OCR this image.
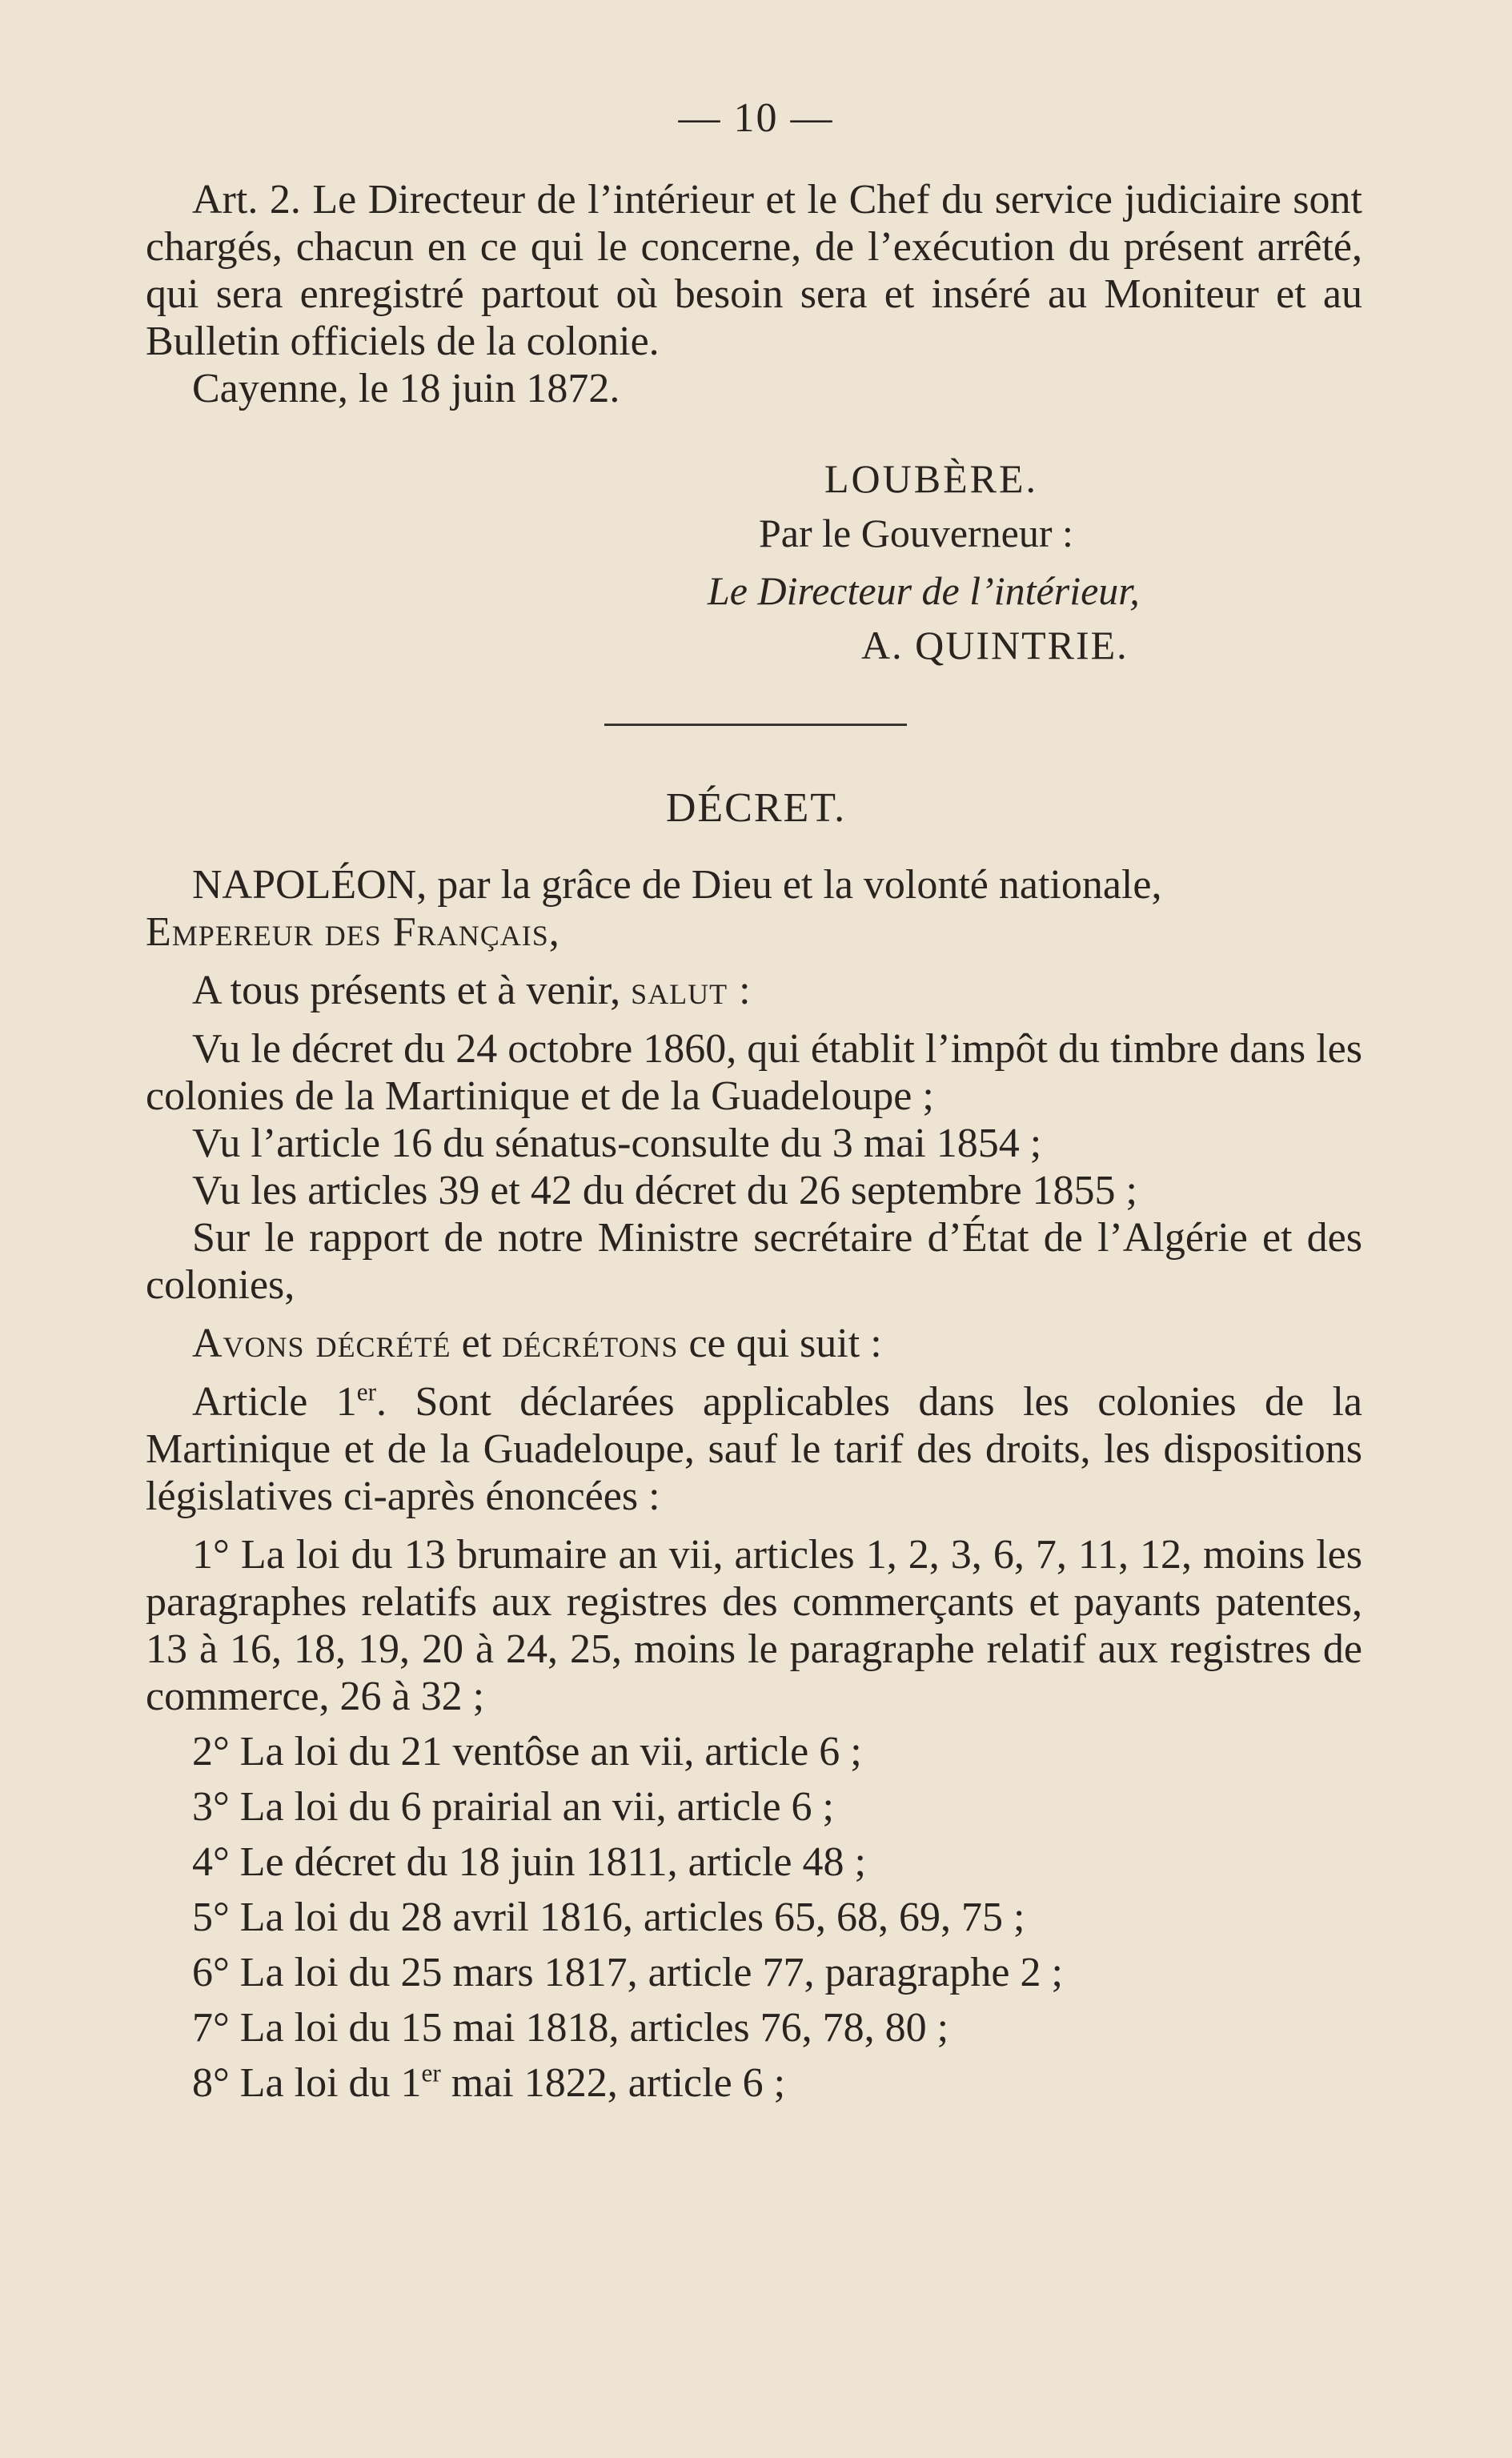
— 10 —

Art. 2. Le Directeur de l’intérieur et le Chef du service judiciaire sont chargés, chacun en ce qui le concerne, de l’exécution du présent arrêté, qui sera enregistré partout où besoin sera et inséré au Moniteur et au Bulletin officiels de la colonie.

Cayenne, le 18 juin 1872.

LOUBÈRE.
Par le Gouverneur :
Le Directeur de l’intérieur,
A. QUINTRIE.
DÉCRET.

NAPOLÉON, par la grâce de Dieu et la volonté nationale,
Empereur des Français,

A tous présents et à venir, salut :

Vu le décret du 24 octobre 1860, qui établit l’impôt du timbre dans les colonies de la Martinique et de la Guadeloupe ;

Vu l’article 16 du sénatus-consulte du 3 mai 1854 ;

Vu les articles 39 et 42 du décret du 26 septembre 1855 ;

Sur le rapport de notre Ministre secrétaire d’État de l’Algérie et des colonies,

Avons décrété et décrétons ce qui suit :

Article 1er. Sont déclarées applicables dans les colonies de la Martinique et de la Guadeloupe, sauf le tarif des droits, les dispositions législatives ci-après énoncées :

1° La loi du 13 brumaire an vii, articles 1, 2, 3, 6, 7, 11, 12, moins les paragraphes relatifs aux registres des commerçants et payants patentes, 13 à 16, 18, 19, 20 à 24, 25, moins le paragraphe relatif aux registres de commerce, 26 à 32 ;

2° La loi du 21 ventôse an vii, article 6 ;

3° La loi du 6 prairial an vii, article 6 ;

4° Le décret du 18 juin 1811, article 48 ;

5° La loi du 28 avril 1816, articles 65, 68, 69, 75 ;

6° La loi du 25 mars 1817, article 77, paragraphe 2 ;

7° La loi du 15 mai 1818, articles 76, 78, 80 ;

8° La loi du 1er mai 1822, article 6 ;
